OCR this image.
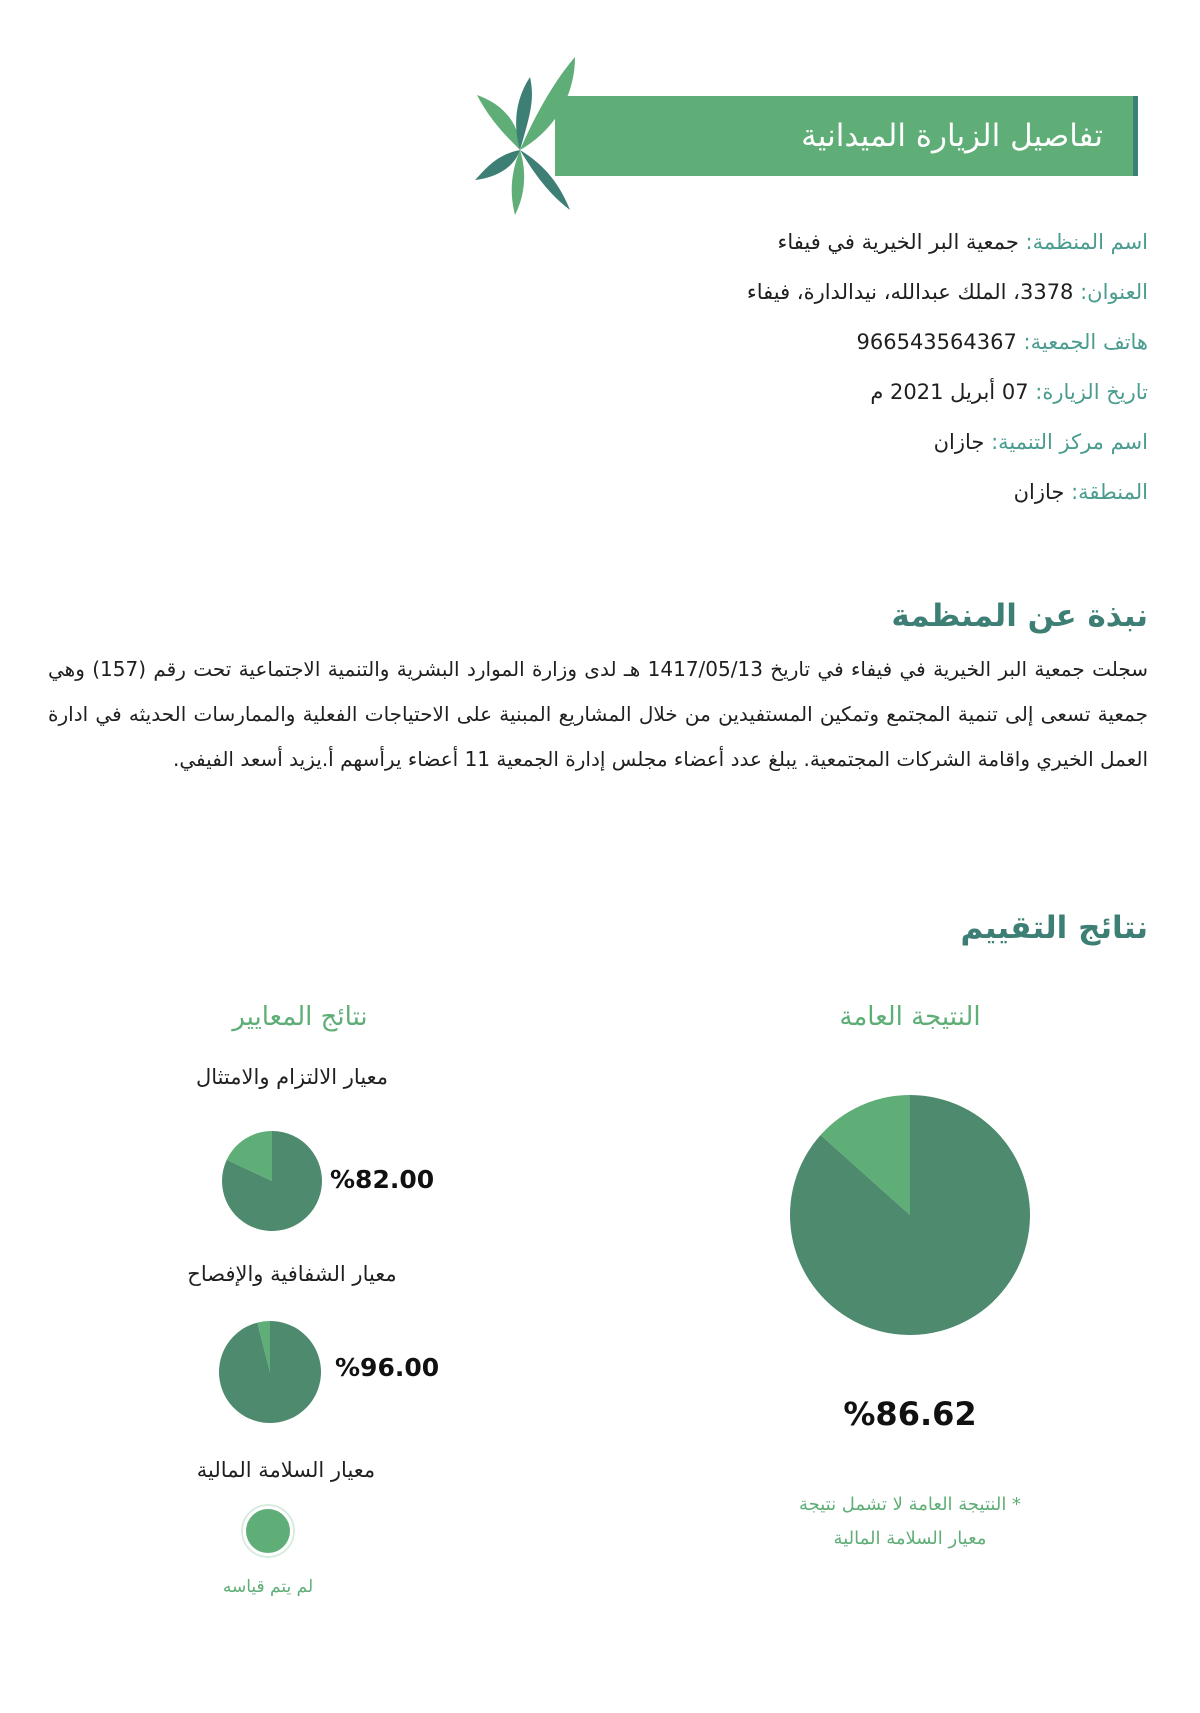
تفاصيل الزيارة الميدانية
اسم المنظمة: جمعية البر الخيرية في فيفاء
العنوان: 3378، الملك عبدالله، نيدالدارة، فيفاء
هاتف الجمعية: 966543564367
تاريخ الزيارة: 07 أبريل 2021 م
اسم مركز التنمية: جازان
المنطقة: جازان
نبذة عن المنظمة
سجلت جمعية البر الخيرية في فيفاء في تاريخ 1417/05/13 هـ لدى وزارة الموارد البشرية والتنمية الاجتماعية تحت رقم (157) وهي جمعية تسعى إلى تنمية المجتمع وتمكين المستفيدين من خلال المشاريع المبنية على الاحتياجات الفعلية والممارسات الحديثه في ادارة العمل الخيري واقامة الشركات المجتمعية. يبلغ عدد أعضاء مجلس إدارة الجمعية 11 أعضاء يرأسهم أ.يزيد أسعد الفيفي.
نتائج التقييم
النتيجة العامة
نتائج المعايير
%86.62
* النتيجة العامة لا تشمل نتيجة
معيار السلامة المالية
معيار الالتزام والامتثال
%82.00
معيار الشفافية والإفصاح
%96.00
معيار السلامة المالية
لم يتم قياسه
